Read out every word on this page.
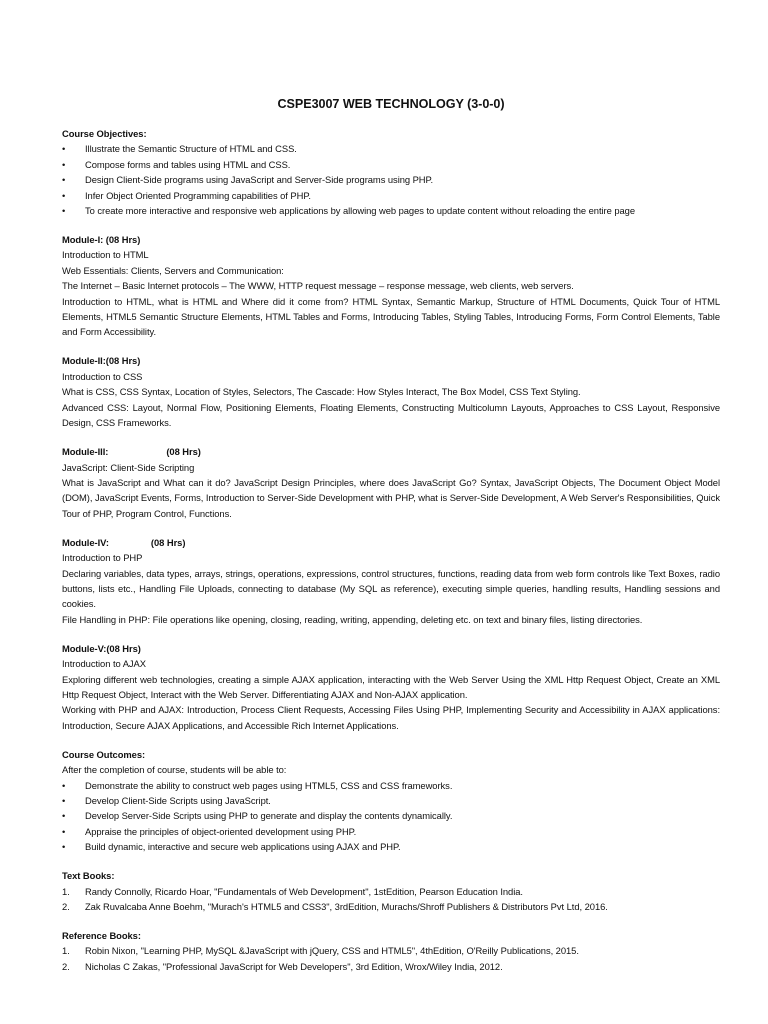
CSPE3007 WEB TECHNOLOGY (3-0-0)
Course Objectives:
• Illustrate the Semantic Structure of HTML and CSS.
• Compose forms and tables using HTML and CSS.
• Design Client-Side programs using JavaScript and Server-Side programs using PHP.
• Infer Object Oriented Programming capabilities of PHP.
• To create more interactive and responsive web applications by allowing web pages to update content without reloading the entire page
Module-I: (08 Hrs)
Introduction to HTML
Web Essentials: Clients, Servers and Communication:
The Internet – Basic Internet protocols – The WWW, HTTP request message – response message, web clients, web servers.
Introduction to HTML, what is HTML and Where did it come from? HTML Syntax, Semantic Markup, Structure of HTML Documents, Quick Tour of HTML Elements, HTML5 Semantic Structure Elements, HTML Tables and Forms, Introducing Tables, Styling Tables, Introducing Forms, Form Control Elements, Table and Form Accessibility.
Module-II:(08 Hrs)
Introduction to CSS
What is CSS, CSS Syntax, Location of Styles, Selectors, The Cascade: How Styles Interact, The Box Model, CSS Text Styling.
Advanced CSS: Layout, Normal Flow, Positioning Elements, Floating Elements, Constructing Multicolumn Layouts, Approaches to CSS Layout, Responsive Design, CSS Frameworks.
Module-III:	(08 Hrs)
JavaScript: Client-Side Scripting
What is JavaScript and What can it do? JavaScript Design Principles, where does JavaScript Go? Syntax, JavaScript Objects, The Document Object Model (DOM), JavaScript Events, Forms, Introduction to Server-Side Development with PHP, what is Server-Side Development, A Web Server's Responsibilities, Quick Tour of PHP, Program Control, Functions.
Module-IV:	(08 Hrs)
Introduction to PHP
Declaring variables, data types, arrays, strings, operations, expressions, control structures, functions, reading data from web form controls like Text Boxes, radio buttons, lists etc., Handling File Uploads, connecting to database (My SQL as reference), executing simple queries, handling results, Handling sessions and cookies.
File Handling in PHP: File operations like opening, closing, reading, writing, appending, deleting etc. on text and binary files, listing directories.
Module-V:(08 Hrs)
Introduction to AJAX
Exploring different web technologies, creating a simple AJAX application, interacting with the Web Server Using the XML Http Request Object, Create an XML Http Request Object, Interact with the Web Server. Differentiating AJAX and Non-AJAX application.
Working with PHP and AJAX: Introduction, Process Client Requests, Accessing Files Using PHP, Implementing Security and Accessibility in AJAX applications: Introduction, Secure AJAX Applications, and Accessible Rich Internet Applications.
Course Outcomes:
After the completion of course, students will be able to:
• Demonstrate the ability to construct web pages using HTML5, CSS and CSS frameworks.
• Develop Client-Side Scripts using JavaScript.
• Develop Server-Side Scripts using PHP to generate and display the contents dynamically.
• Appraise the principles of object-oriented development using PHP.
• Build dynamic, interactive and secure web applications using AJAX and PHP.
Text Books:
1. Randy Connolly, Ricardo Hoar, "Fundamentals of Web Development", 1stEdition, Pearson Education India.
2. Zak Ruvalcaba Anne Boehm, "Murach's HTML5 and CSS3", 3rdEdition, Murachs/Shroff Publishers & Distributors Pvt Ltd, 2016.
Reference Books:
1. Robin Nixon, "Learning PHP, MySQL &JavaScript with jQuery, CSS and HTML5", 4thEdition, O'Reilly Publications, 2015.
2. Nicholas C Zakas, "Professional JavaScript for Web Developers", 3rd Edition, Wrox/Wiley India, 2012.
